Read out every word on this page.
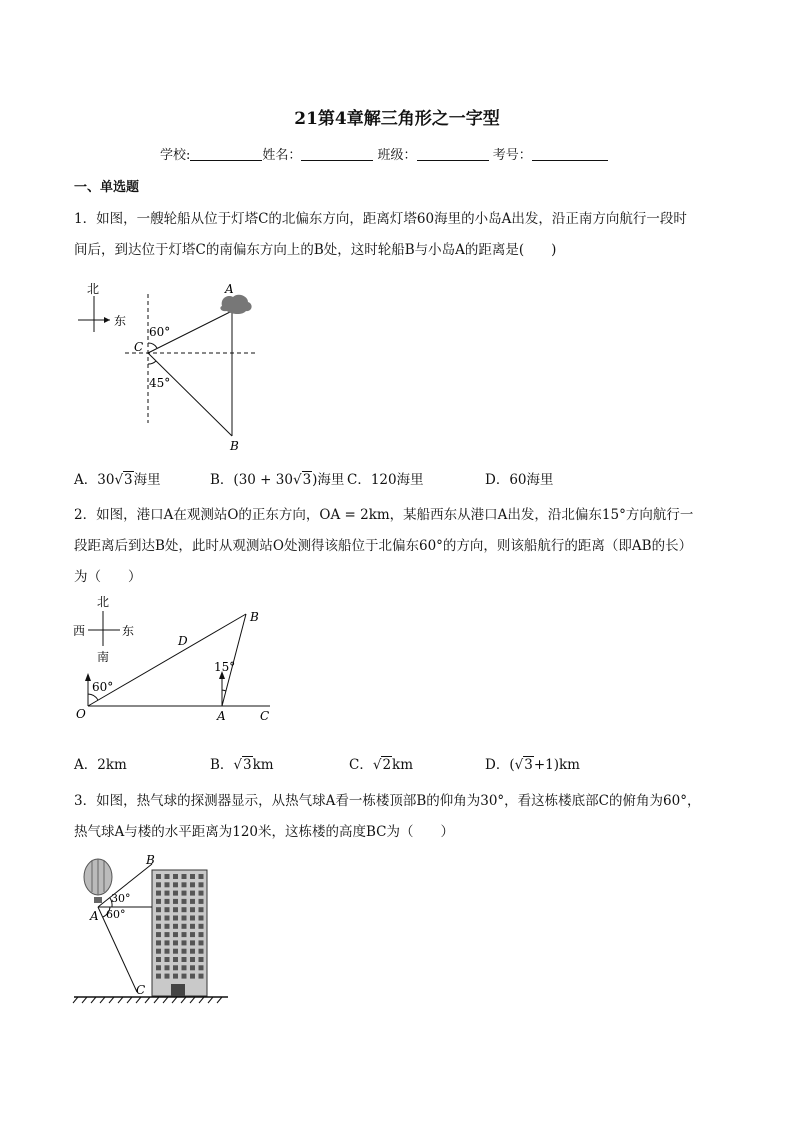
21第4章解三角形之一字型
学校:	姓名：	班级：	考号：
一、单选题
1．如图，一艘轮船从位于灯塔C的北偏东方向，距离灯塔60海里的小岛A出发，沿正南方向航行一段时
间后，到达位于灯塔C的南偏东方向上的B处，这时轮船B与小岛A的距离是(　　)
北
东
A
B
C
60°
45°
A．30√3海里	B．(30 + 30√3)海里 C．120海里	D．60海里
2．如图，港口A在观测站O的正东方向，OA = 2km，某船西东从港口A出发，沿北偏东15°方向航行一
段距离后到达B处，此时从观测站O处测得该船位于北偏东60°的方向，则该船航行的距离（即AB的长）
为（　　）
北
南
西	东
O	A
B
C
D
60°
15°
A．2km	B．√3km	C．√2km	D．(√3+1)km
3．如图，热气球的探测器显示，从热气球A看一栋楼顶部B的仰角为30°，看这栋楼底部C的俯角为60°，
热气球A与楼的水平距离为120米，这栋楼的高度BC为（　　）
B
A
C
30°
60°
